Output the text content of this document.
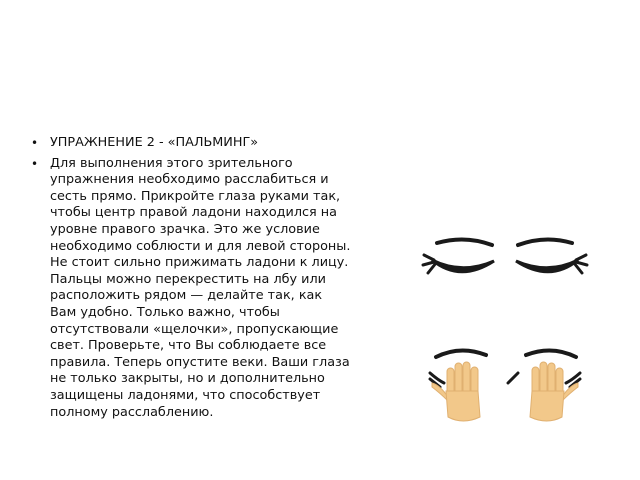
• УПРАЖНЕНИЕ 2 - «ПАЛЬМИНГ»
• Для выполнения этого зрительного упражнения необходимо расслабиться и сесть прямо. Прикройте глаза руками так, чтобы центр правой ладони находился на уровне правого зрачка. Это же условие необходимо соблюсти и для левой стороны. Не стоит сильно прижимать ладони к лицу. Пальцы можно перекрестить на лбу или расположить рядом — делайте так, как Вам удобно. Только важно, чтобы отсутствовали «щелочки», пропускающие свет. Проверьте, что Вы соблюдаете все правила. Теперь опустите веки. Ваши глаза не только закрыты, но и дополнительно защищены ладонями, что способствует полному расслаблению.
